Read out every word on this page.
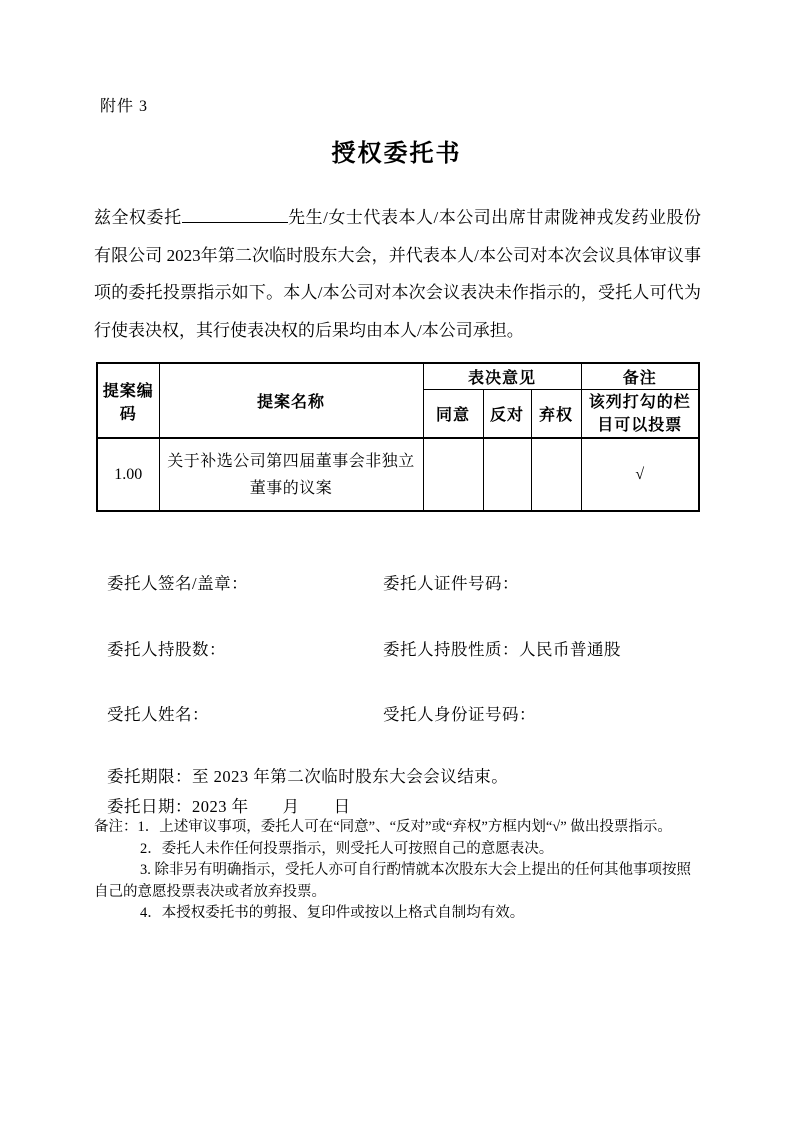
附件 3
授权委托书

兹全权委托	先生/女士代表本人/本公司出席甘肃陇神戎发药业股份有限公司 2023年第二次临时股东大会，并代表本人/本公司对本次会议具体审议事项的委托投票指示如下。本人/本公司对本次会议表决未作指示的，受托人可代为行使表决权，其行使表决权的后果均由本人/本公司承担。

提案编码	提案名称	表决意见			备注
		同意	反对	弃权	该列打勾的栏目可以投票
1.00	关于补选公司第四届董事会非独立董事的议案				√
委托人签名/盖章：	委托人证件号码：
委托人持股数：	委托人持股性质：人民币普通股
受托人姓名：	受托人身份证号码：
委托期限：至 2023 年第二次临时股东大会会议结束。
委托日期：2023 年　　月　　日
备注：1．上述审议事项，委托人可在“同意”、“反对”或“弃权”方框内划“√” 做出投票指示。
2．委托人未作任何投票指示，则受托人可按照自己的意愿表决。
3. 除非另有明确指示，受托人亦可自行酌情就本次股东大会上提出的任何其他事项按照
自己的意愿投票表决或者放弃投票。
4．本授权委托书的剪报、复印件或按以上格式自制均有效。
